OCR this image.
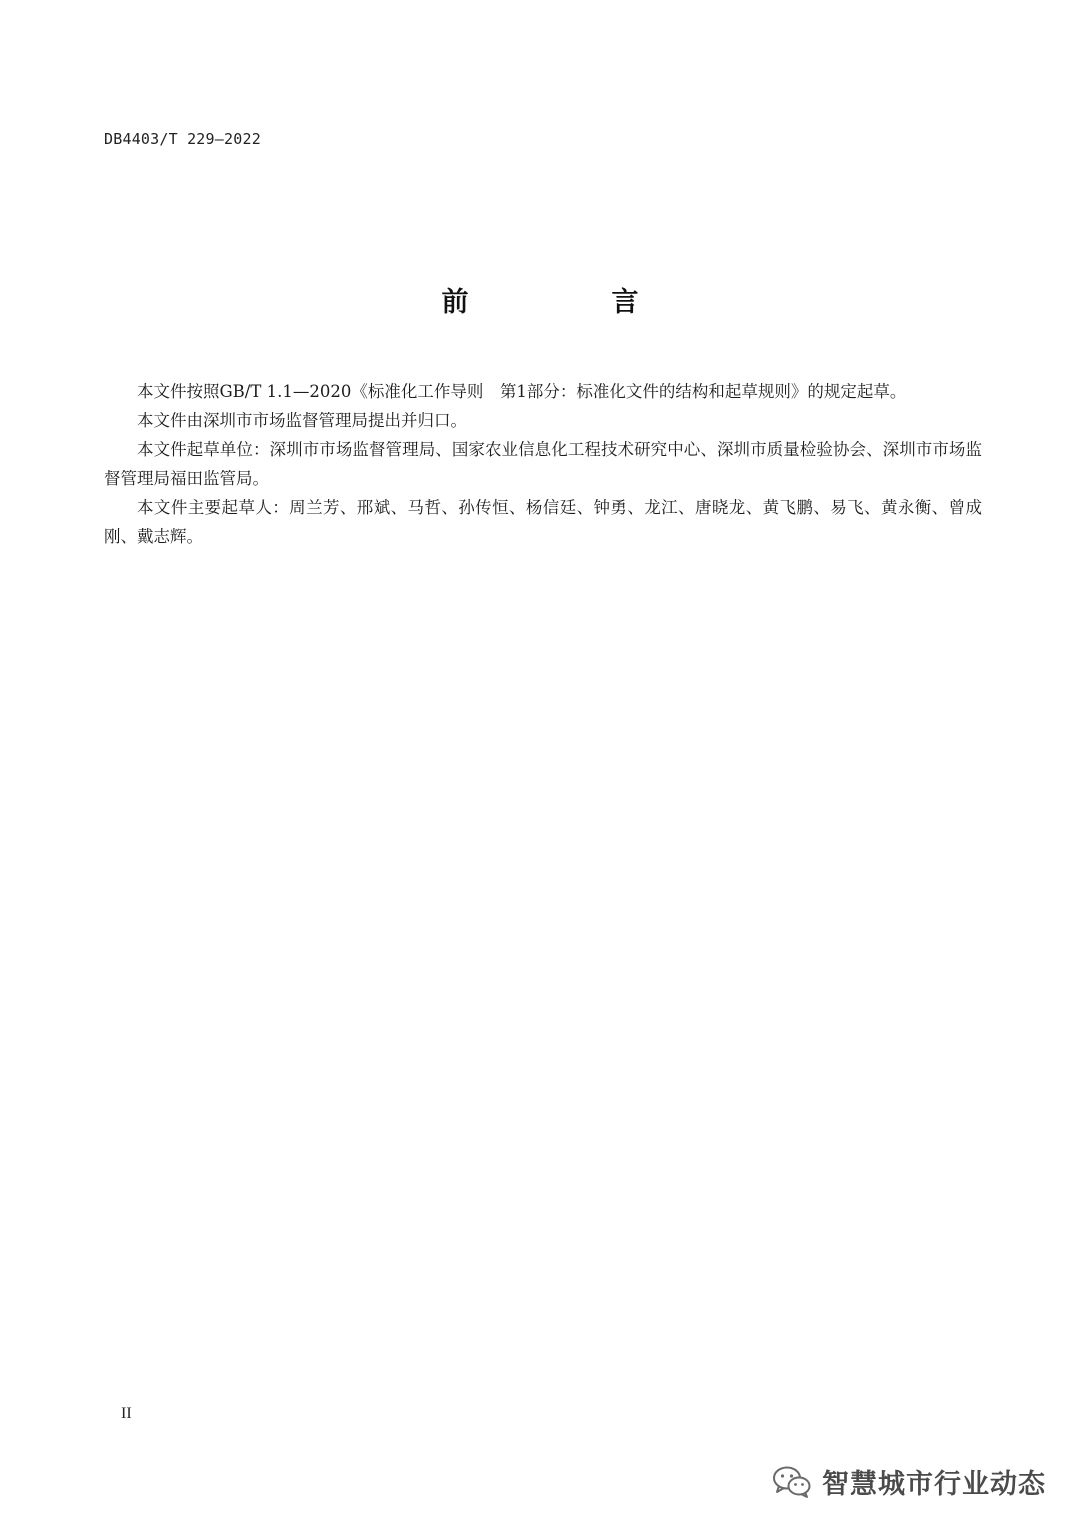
DB4403/T 229—2022
前　言

本文件按照GB/T 1.1—2020《标准化工作导则　第1部分：标准化文件的结构和起草规则》的规定起草。

本文件由深圳市市场监督管理局提出并归口。

本文件起草单位：深圳市市场监督管理局、国家农业信息化工程技术研究中心、深圳市质量检验协会、深圳市市场监督管理局福田监管局。

本文件主要起草人：周兰芳、邢斌、马哲、孙传恒、杨信廷、钟勇、龙江、唐晓龙、黄飞鹏、易飞、黄永衡、曾成刚、戴志辉。

II
智慧城市行业动态
